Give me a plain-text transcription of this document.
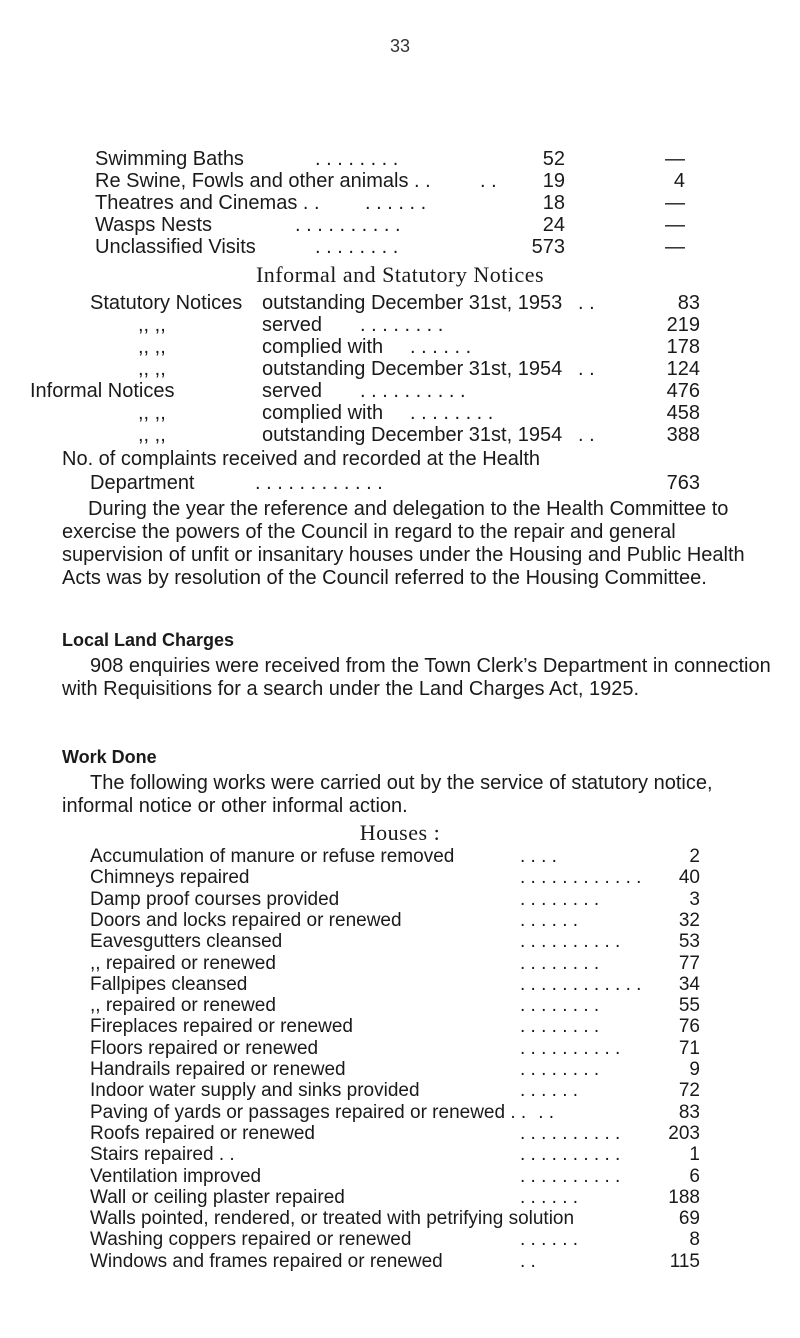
33
Swimming Baths	. . . . . . . .	52	—
Re Swine, Fowls and other animals . . . .	19	4
Theatres and Cinemas . . . . . . . .	18	—
Wasps Nests	. . . . . . . . . .	24	—
Unclassified Visits	. . . . . . . .	573	—
Informal and Statutory Notices
Statutory Notices outstanding December 31st, 1953 . .	83
,, ,,	served . . . . . . . .	219
,, ,,	complied with . . . . . .	178
,, ,,	outstanding December 31st, 1954 . .	124
Informal Notices	served . . . . . . . . . .	476
,, ,,	complied with . . . . . . . .	458
,, ,,	outstanding December 31st, 1954 . .	388
No. of complaints received and recorded at the Health
Department	. . . . . . . . . . . .	763
During the year the reference and delegation to the Health Committee to exercise the powers of the Council in regard to the repair and general supervision of unfit or insanitary houses under the Housing and Public Health Acts was by resolution of the Council referred to the Housing Committee.
Local Land Charges
908 enquiries were received from the Town Clerk’s Department in connection with Requisitions for a search under the Land Charges Act, 1925.
Work Done
The following works were carried out by the service of statutory notice, informal notice or other informal action.
Houses :
Accumulation of manure or refuse removed	. . . .	2
Chimneys repaired	. . . . . . . . . . . .	40
Damp proof courses provided	. . . . . . . .	3
Doors and locks repaired or renewed	. . . . . .	32
Eavesgutters cleansed	. . . . . . . . . .	53
,, repaired or renewed	. . . . . . . .	77
Fallpipes cleansed	. . . . . . . . . . . .	34
,, repaired or renewed	. . . . . . . .	55
Fireplaces repaired or renewed	. . . . . . . .	76
Floors repaired or renewed	. . . . . . . . . .	71
Handrails repaired or renewed	. . . . . . . .	9
Indoor water supply and sinks provided	. . . . . .	72
Paving of yards or passages repaired or renewed . . . .	83
Roofs repaired or renewed	. . . . . . . . . .	203
Stairs repaired . .	. . . . . . . . . .	1
Ventilation improved	. . . . . . . . . .	6
Wall or ceiling plaster repaired	. . . . . .	188
Walls pointed, rendered, or treated with petrifying solution	69
Washing coppers repaired or renewed	. . . . . .	8
Windows and frames repaired or renewed	. .	115
